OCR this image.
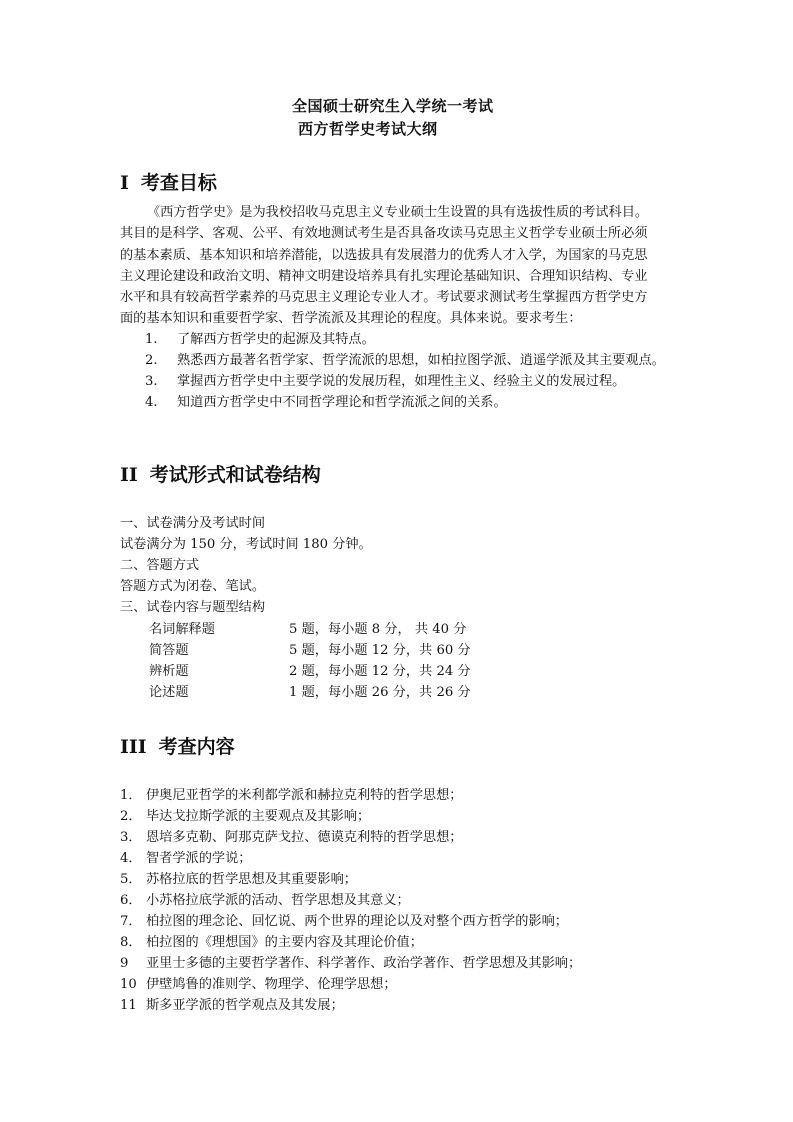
全国硕士研究生入学统一考试
西方哲学史考试大纲
I 考查目标
《西方哲学史》是为我校招收马克思主义专业硕士生设置的具有选拔性质的考试科目。
其目的是科学、客观、公平、有效地测试考生是否具备攻读马克思主义哲学专业硕士所必须
的基本素质、基本知识和培养潜能，以选拔具有发展潜力的优秀人才入学，为国家的马克思
主义理论建设和政治文明、精神文明建设培养具有扎实理论基础知识、合理知识结构、专业
水平和具有较高哲学素养的马克思主义理论专业人才。考试要求测试考生掌握西方哲学史方
面的基本知识和重要哲学家、哲学流派及其理论的程度。具体来说。要求考生：
1. 了解西方哲学史的起源及其特点。
2. 熟悉西方最著名哲学家、哲学流派的思想，如柏拉图学派、逍遥学派及其主要观点。
3. 掌握西方哲学史中主要学说的发展历程，如理性主义、经验主义的发展过程。
4. 知道西方哲学史中不同哲学理论和哲学流派之间的关系。
II 考试形式和试卷结构
一、试卷满分及考试时间
试卷满分为 150 分，考试时间 180 分钟。
二、答题方式
答题方式为闭卷、笔试。
三、试卷内容与题型结构
名词解释题	5 题，每小题 8 分， 共 40 分
简答题	5 题，每小题 12 分，共 60 分
辨析题	2 题，每小题 12 分，共 24 分
论述题	1 题，每小题 26 分，共 26 分
III 考查内容
1． 伊奥尼亚哲学的米利都学派和赫拉克利特的哲学思想；
2． 毕达戈拉斯学派的主要观点及其影响；
3． 恩培多克勒、阿那克萨戈拉、德谟克利特的哲学思想；
4． 智者学派的学说；
5． 苏格拉底的哲学思想及其重要影响；
6． 小苏格拉底学派的活动、哲学思想及其意义；
7． 柏拉图的理念论、回忆说、两个世界的理论以及对整个西方哲学的影响；
8． 柏拉图的《理想国》的主要内容及其理论价值；
9 亚里士多德的主要哲学著作、科学著作、政治学著作、哲学思想及其影响；
10 伊壁鸠鲁的准则学、物理学、伦理学思想；
11 斯多亚学派的哲学观点及其发展；
